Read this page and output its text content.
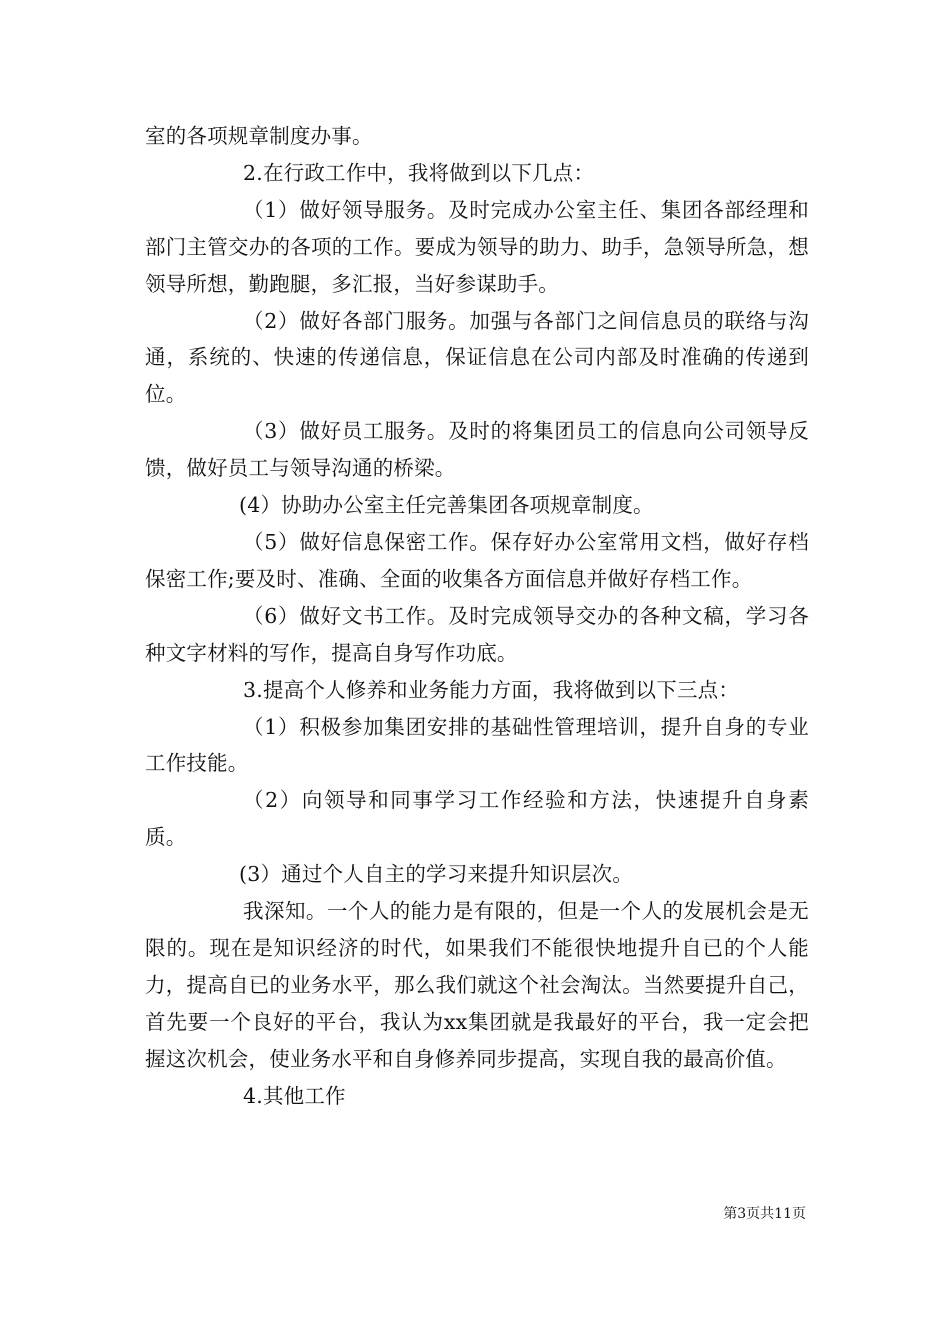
室的各项规章制度办事。

2.在行政工作中，我将做到以下几点：

（1）做好领导服务。及时完成办公室主任、集团各部经理和部门主管交办的各项的工作。要成为领导的助力、助手，急领导所急，想领导所想，勤跑腿，多汇报，当好参谋助手。

（2）做好各部门服务。加强与各部门之间信息员的联络与沟通，系统的、快速的传递信息，保证信息在公司内部及时准确的传递到位。

（3）做好员工服务。及时的将集团员工的信息向公司领导反馈，做好员工与领导沟通的桥梁。

(4）协助办公室主任完善集团各项规章制度。

（5）做好信息保密工作。保存好办公室常用文档，做好存档保密工作;要及时、准确、全面的收集各方面信息并做好存档工作。

（6）做好文书工作。及时完成领导交办的各种文稿，学习各种文字材料的写作，提高自身写作功底。

3.提高个人修养和业务能力方面，我将做到以下三点：

（1）积极参加集团安排的基础性管理培训，提升自身的专业工作技能。

（2）向领导和同事学习工作经验和方法，快速提升自身素质。

(3）通过个人自主的学习来提升知识层次。

我深知。一个人的能力是有限的，但是一个人的发展机会是无限的。现在是知识经济的时代，如果我们不能很快地提升自已的个人能力，提高自已的业务水平，那么我们就这个社会淘汰。当然要提升自己，首先要一个良好的平台，我认为xx集团就是我最好的平台，我一定会把握这次机会，使业务水平和自身修养同步提高，实现自我的最高价值。

4.其他工作

第3页共11页
